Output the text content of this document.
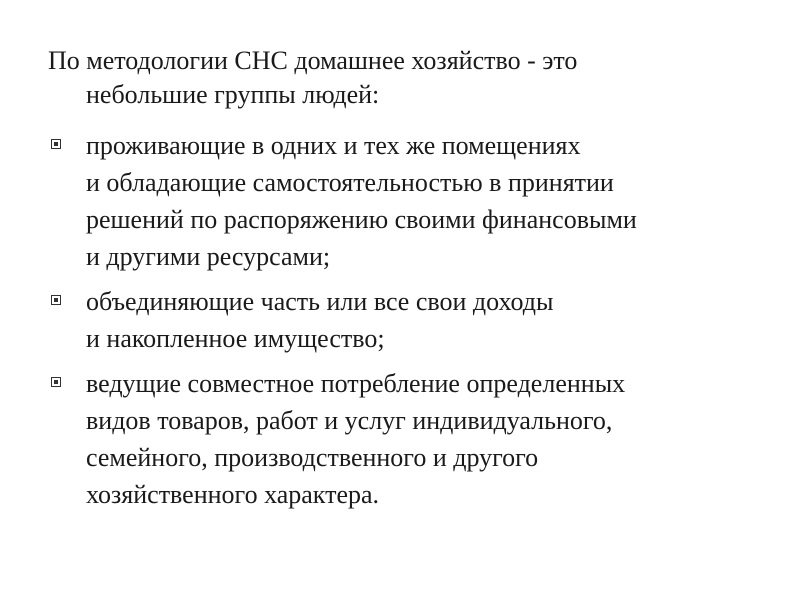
По методологии СНС домашнее хозяйство - это
небольшие группы людей:

проживающие в одних и тех же помещениях
и обладающие самостоятельностью в принятии
решений по распоряжению своими финансовыми
и другими ресурсами;
объединяющие часть или все свои доходы
и накопленное имущество;
ведущие совместное потребление определенных
видов товаров, работ и услуг индивидуального,
семейного, производственного и другого
хозяйственного характера.
